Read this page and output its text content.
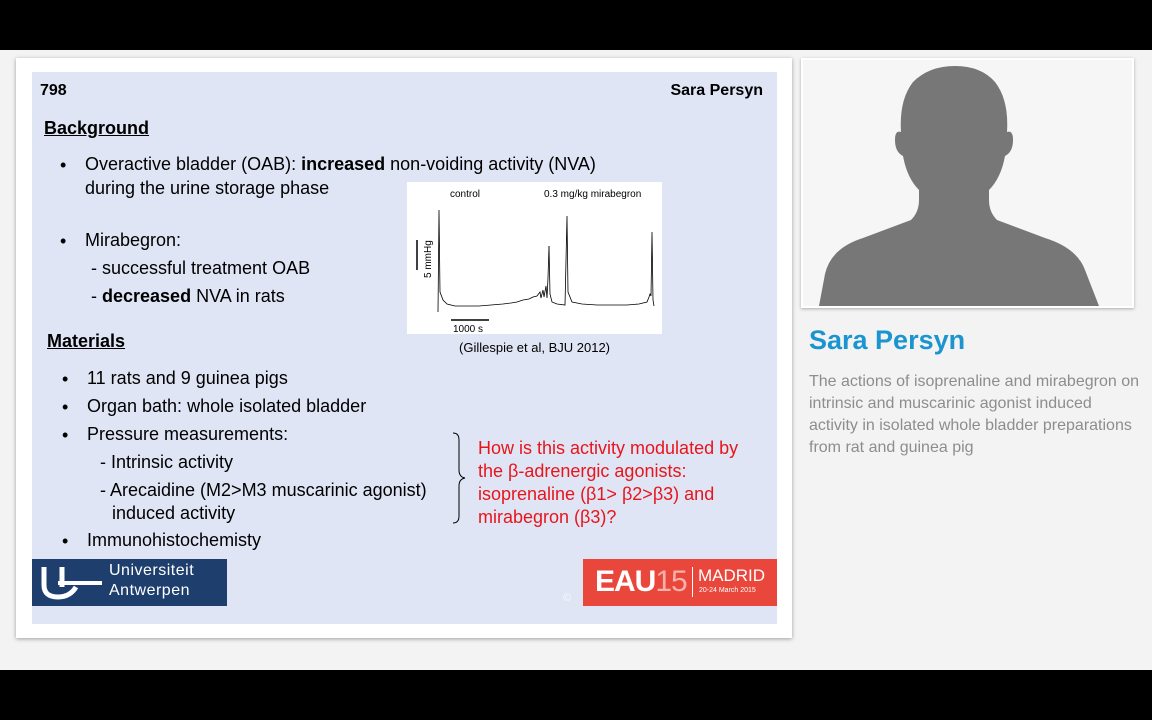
798	Sara Persyn
Background
• Overactive bladder (OAB): increased non-voiding activity (NVA)
during the urine storage phase
• Mirabegron:
- successful treatment OAB
- decreased NVA in rats
control	0.3 mg/kg mirabegron
5 mmHg
1000 s
(Gillespie et al, BJU 2012)
Materials
• 11 rats and 9 guinea pigs
• Organ bath: whole isolated bladder
• Pressure measurements:
- Intrinsic activity
- Arecaidine (M2>M3 muscarinic agonist)
induced activity
• Immunohistochemisty
How is this activity modulated by the β-adrenergic agonists: isoprenaline (β1> β2>β3) and mirabegron (β3)?
Universiteit
Antwerpen	© EAU15 MADRID
20-24 March 2015
Sara Persyn
The actions of isoprenaline and mirabegron on intrinsic and muscarinic agonist induced activity in isolated whole bladder preparations from rat and guinea pig
